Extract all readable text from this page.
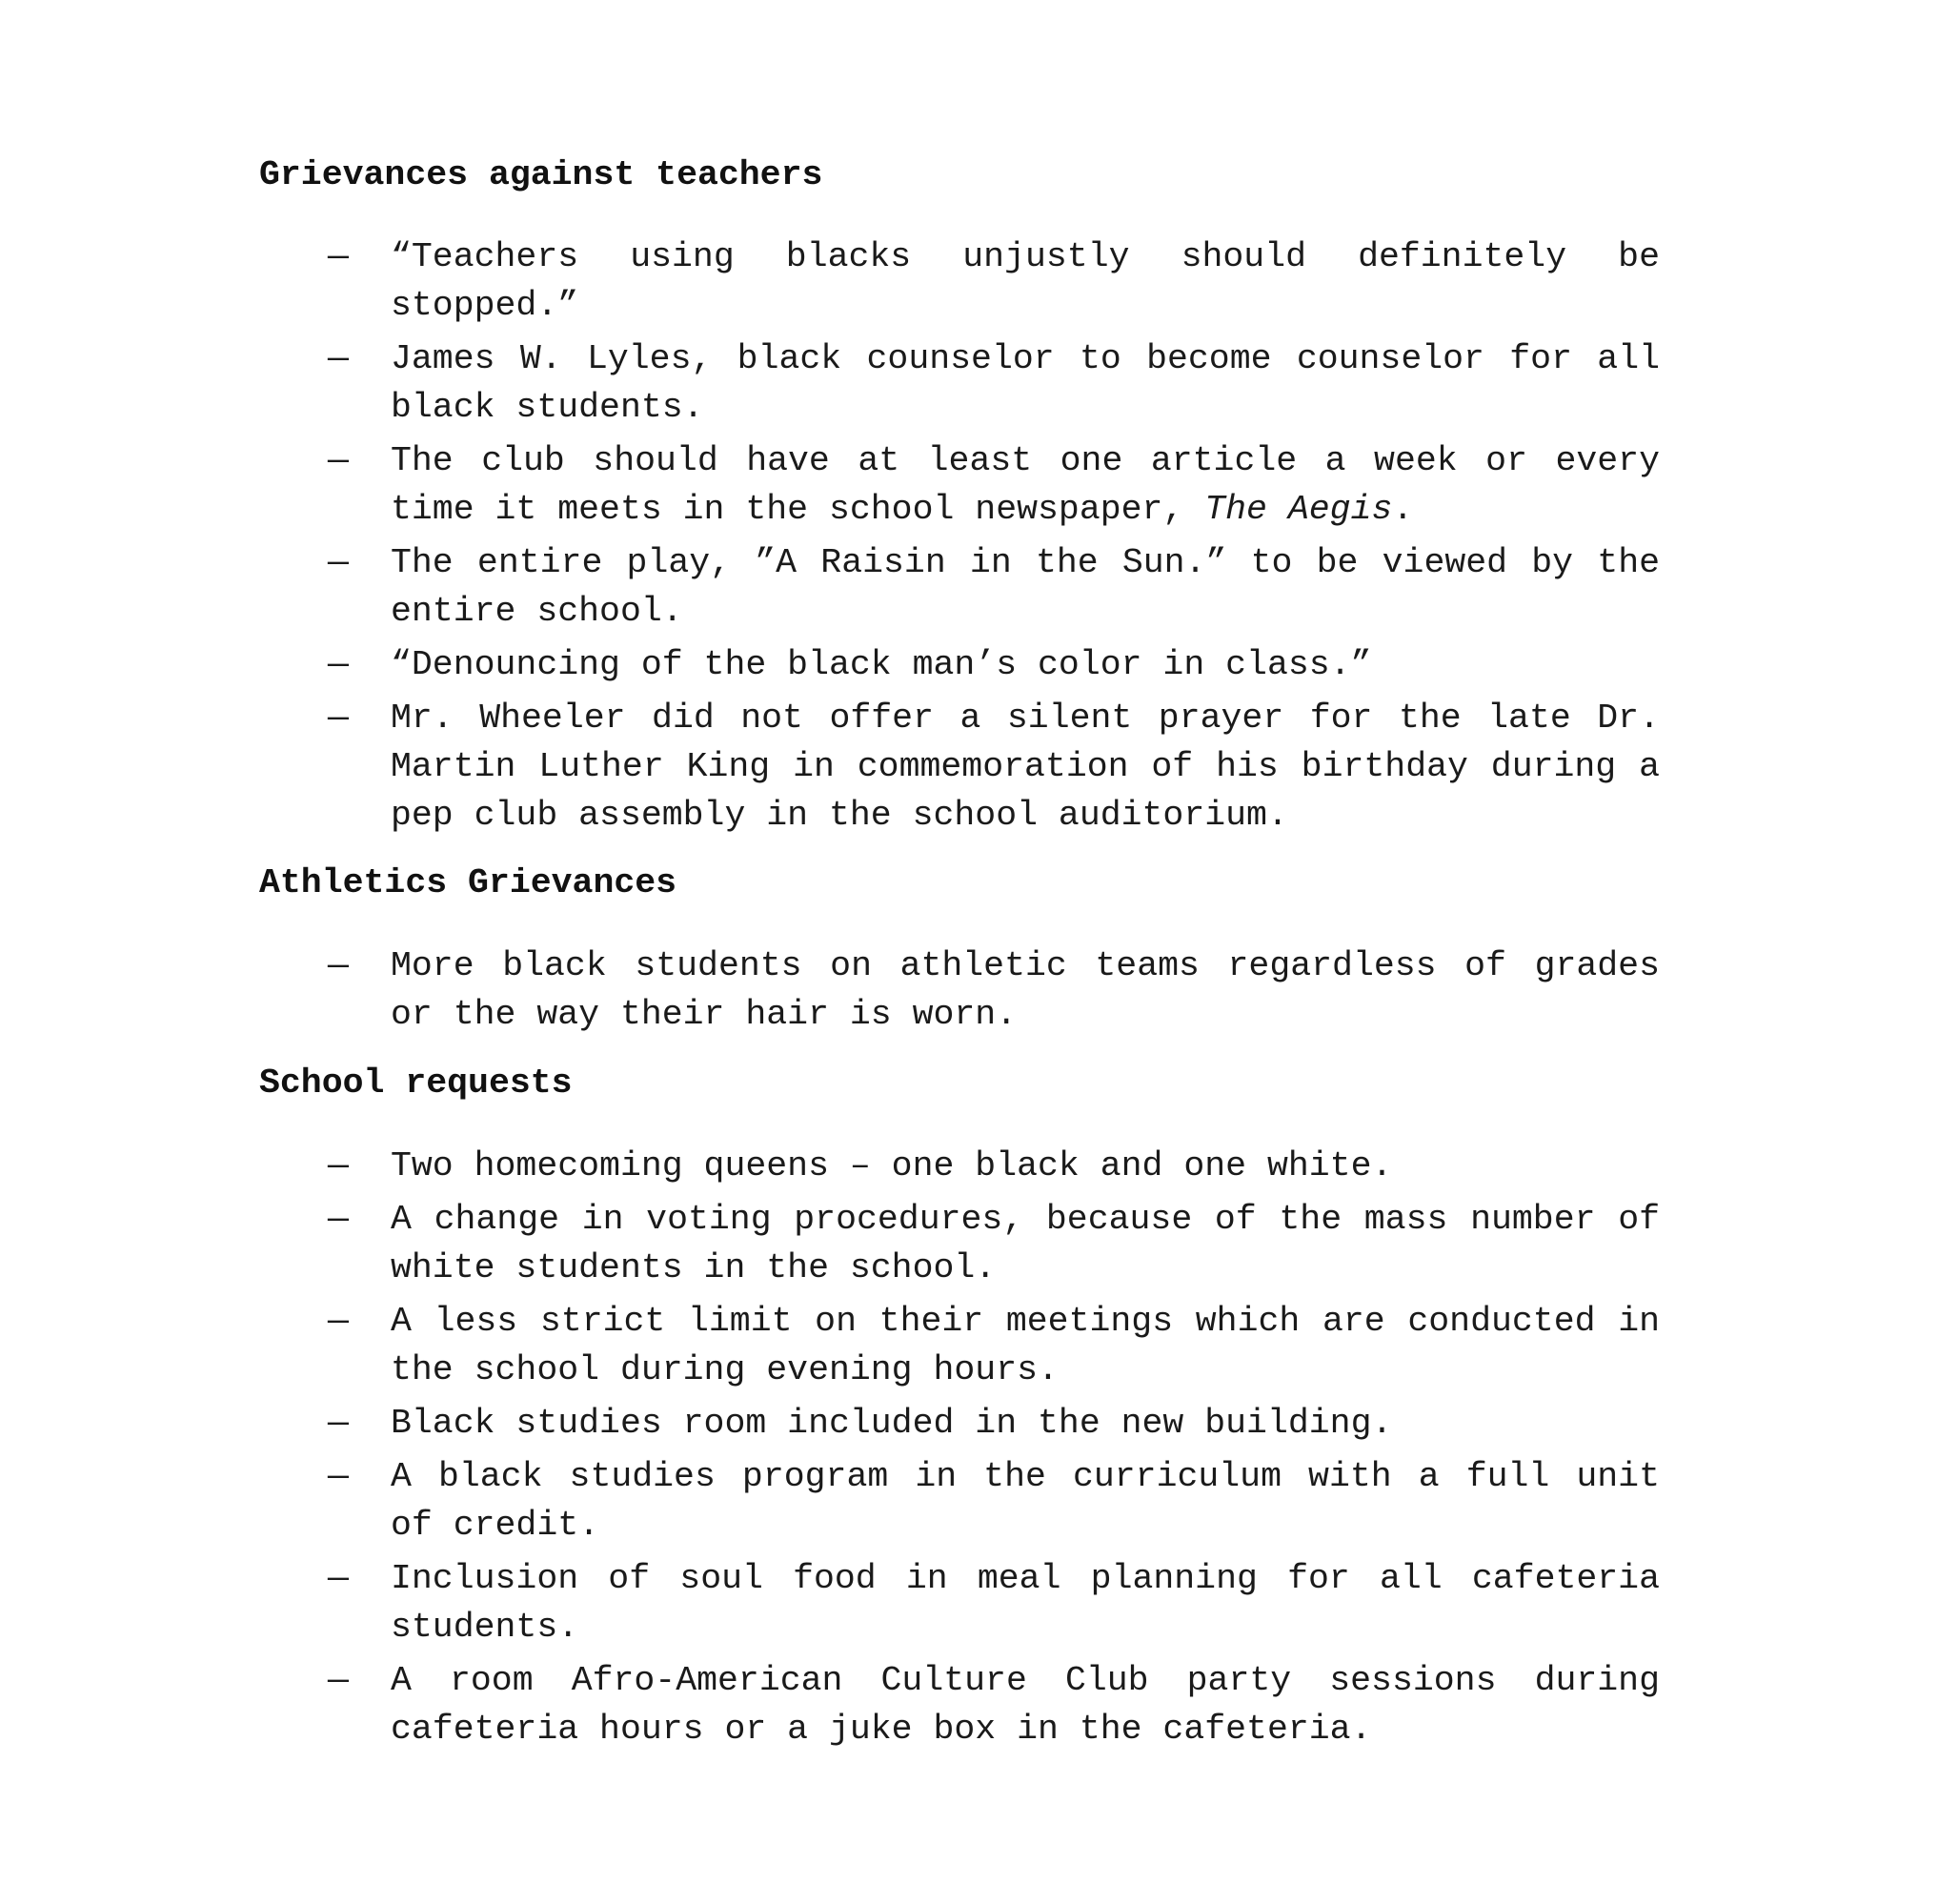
Grievances against teachers
—	“Teachers using blacks unjustly should definitely be stopped.”
—	James W. Lyles, black counselor to become counselor for all black students.
—	The club should have at least one article a week or every time it meets in the school newspaper, The Aegis.
—	The entire play, ”A Raisin in the Sun.” to be viewed by the entire school.
—	“Denouncing of the black man’s color in class.”
—	Mr. Wheeler did not offer a silent prayer for the late Dr. Martin Luther King in commemoration of his birthday during a pep club assembly in the school auditorium.
Athletics Grievances
—	More black students on athletic teams regardless of grades or the way their hair is worn.
School requests
—	Two homecoming queens – one black and one white.
—	A change in voting procedures, because of the mass number of white students in the school.
—	A less strict limit on their meetings which are conducted in the school during evening hours.
—	Black studies room included in the new building.
—	A black studies program in the curriculum with a full unit of credit.
—	Inclusion of soul food in meal planning for all cafeteria students.
—	A room Afro-American Culture Club party sessions during cafeteria hours or a juke box in the cafeteria.
